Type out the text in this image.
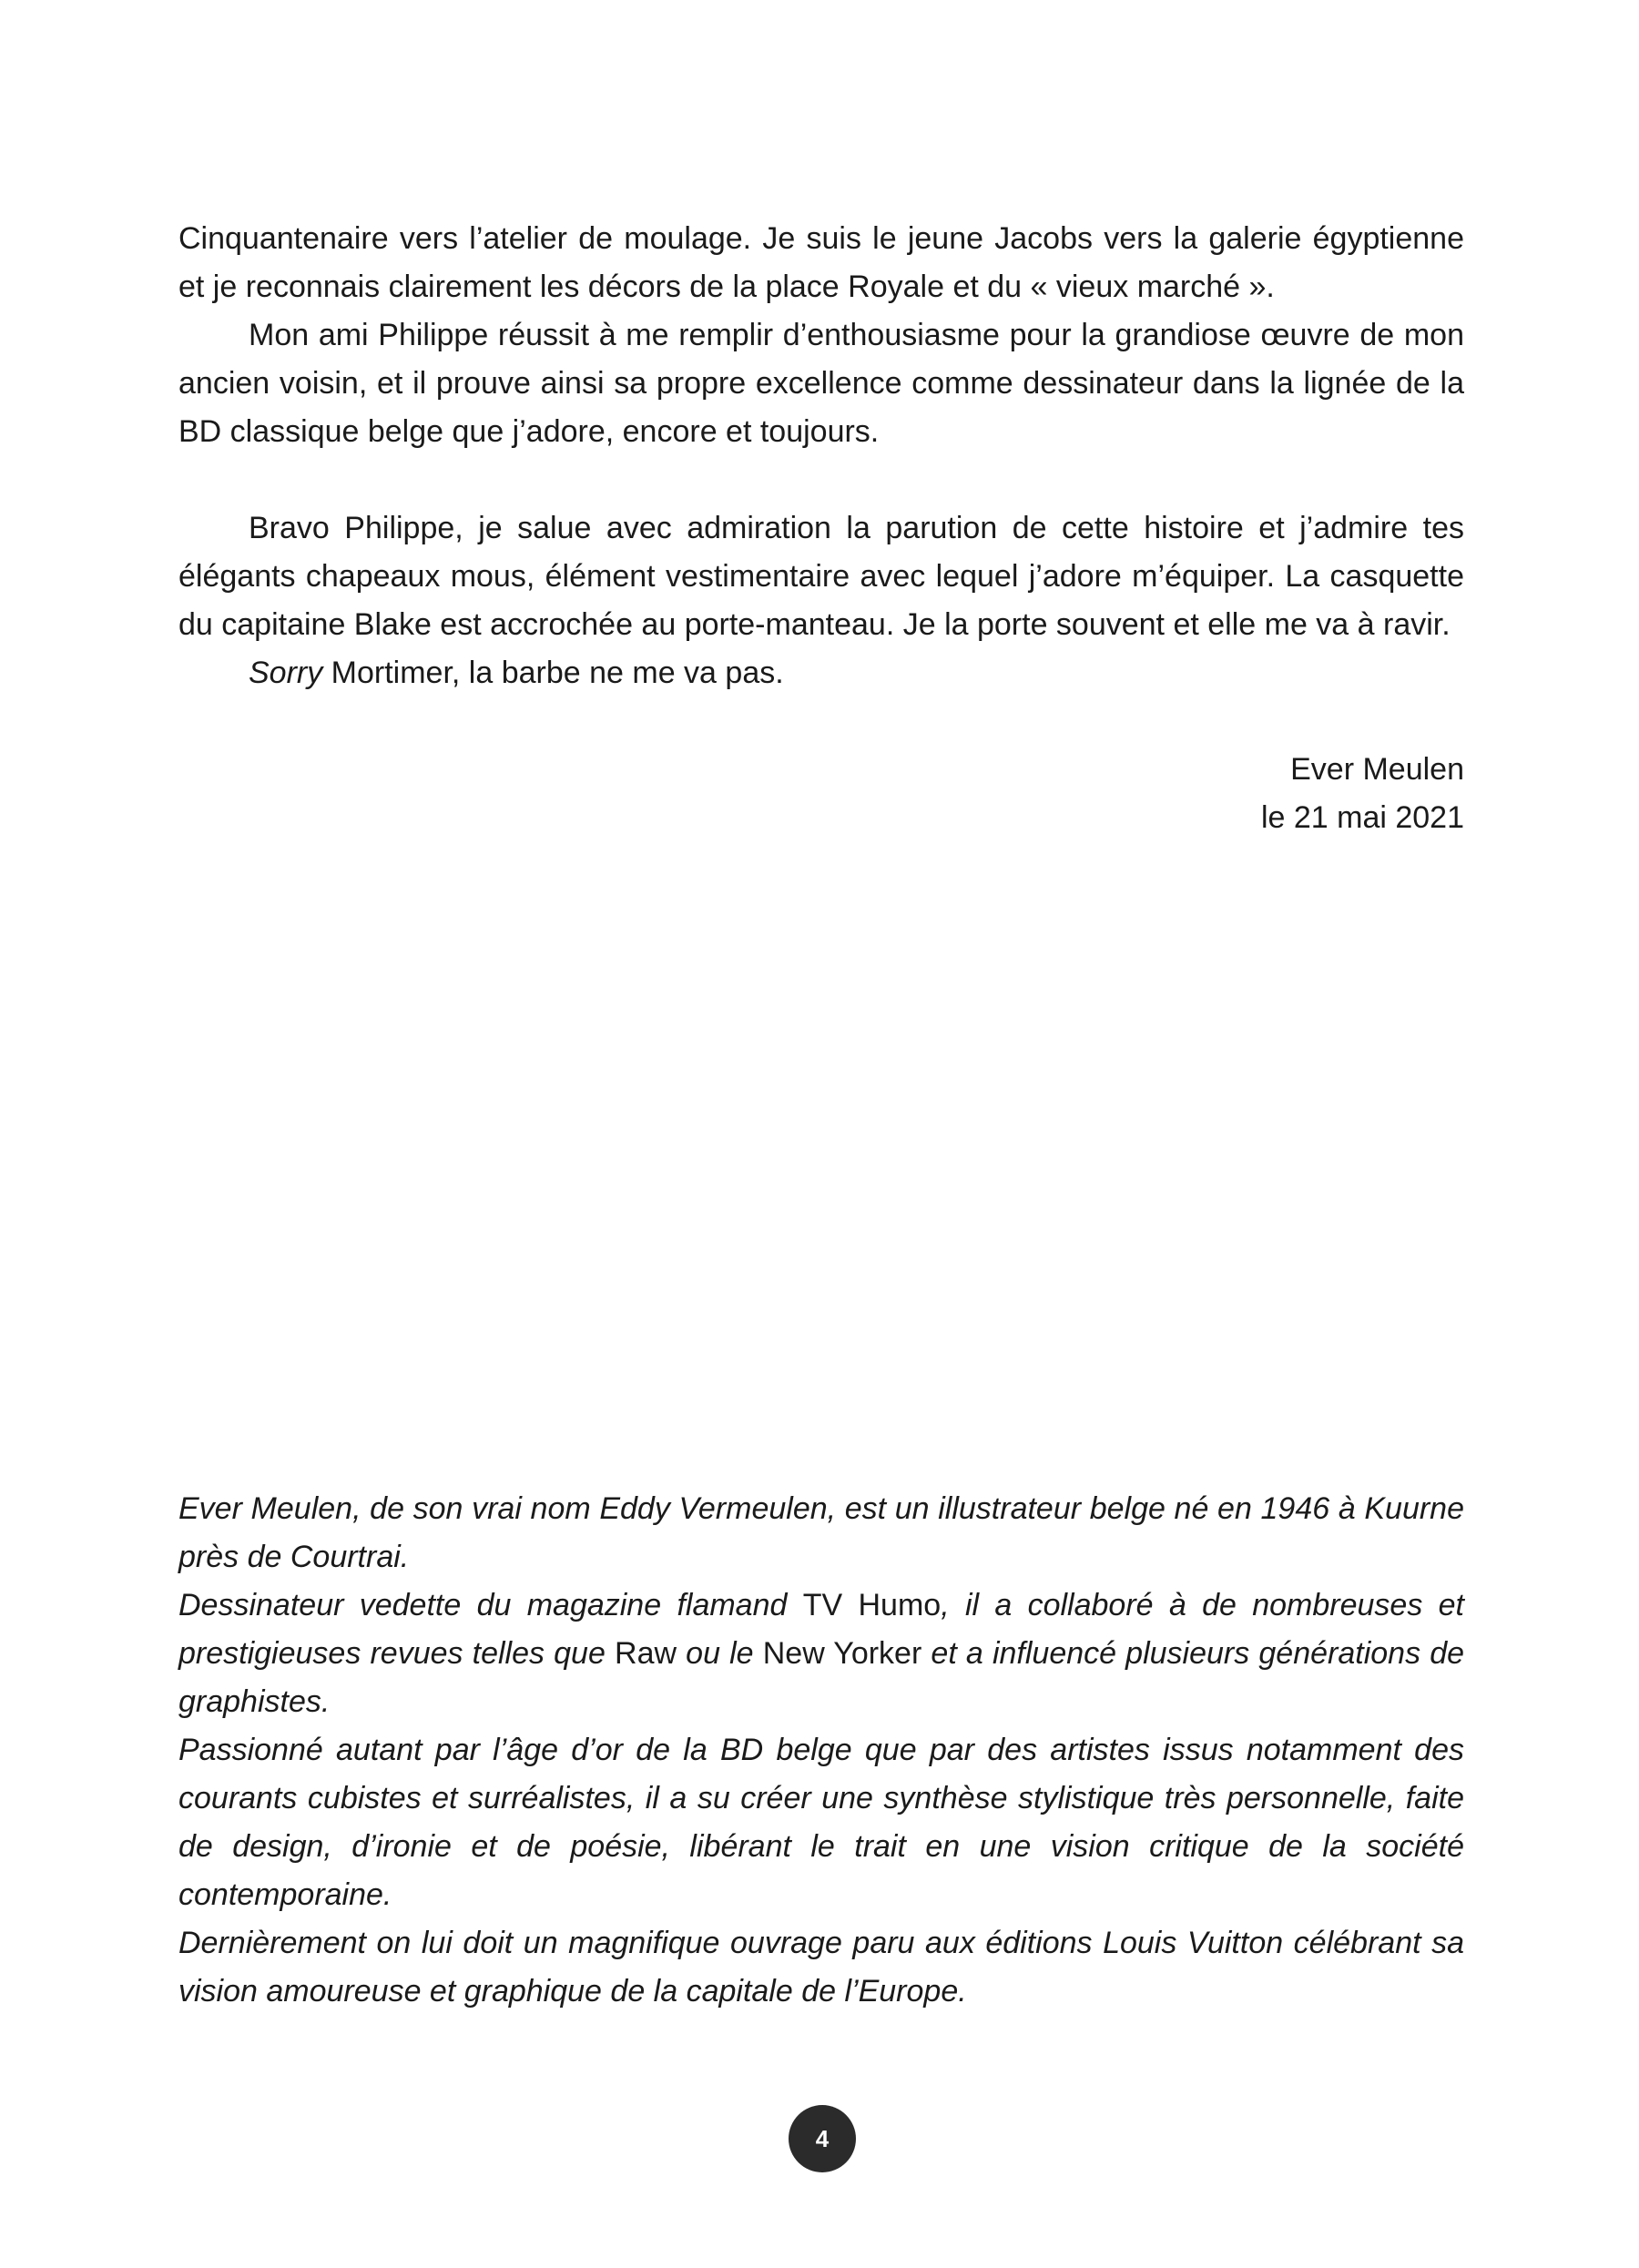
Cinquantenaire vers l’atelier de moulage. Je suis le jeune Jacobs vers la galerie égyptienne et je reconnais clairement les décors de la place Royale et du « vieux marché ».

Mon ami Philippe réussit à me remplir d’enthousiasme pour la grandiose œuvre de mon ancien voisin, et il prouve ainsi sa propre excellence comme dessinateur dans la lignée de la BD classique belge que j’adore, encore et toujours.

Bravo Philippe, je salue avec admiration la parution de cette histoire et j’admire tes élégants chapeaux mous, élément vestimentaire avec lequel j’adore m’équiper. La casquette du capitaine Blake est accrochée au porte-manteau. Je la porte souvent et elle me va à ravir.

Sorry Mortimer, la barbe ne me va pas.

Ever Meulen
le 21 mai 2021

Ever Meulen, de son vrai nom Eddy Vermeulen, est un illustrateur belge né en 1946 à Kuurne près de Courtrai.

Dessinateur vedette du magazine flamand TV Humo, il a collaboré à de nombreuses et prestigieuses revues telles que Raw ou le New Yorker et a influencé plusieurs générations de graphistes.

Passionné autant par l’âge d’or de la BD belge que par des artistes issus notamment des courants cubistes et surréalistes, il a su créer une synthèse stylistique très personnelle, faite de design, d’ironie et de poésie, libérant le trait en une vision critique de la société contemporaine.

Dernièrement on lui doit un magnifique ouvrage paru aux éditions Louis Vuitton célébrant sa vision amoureuse et graphique de la capitale de l’Europe.

4
